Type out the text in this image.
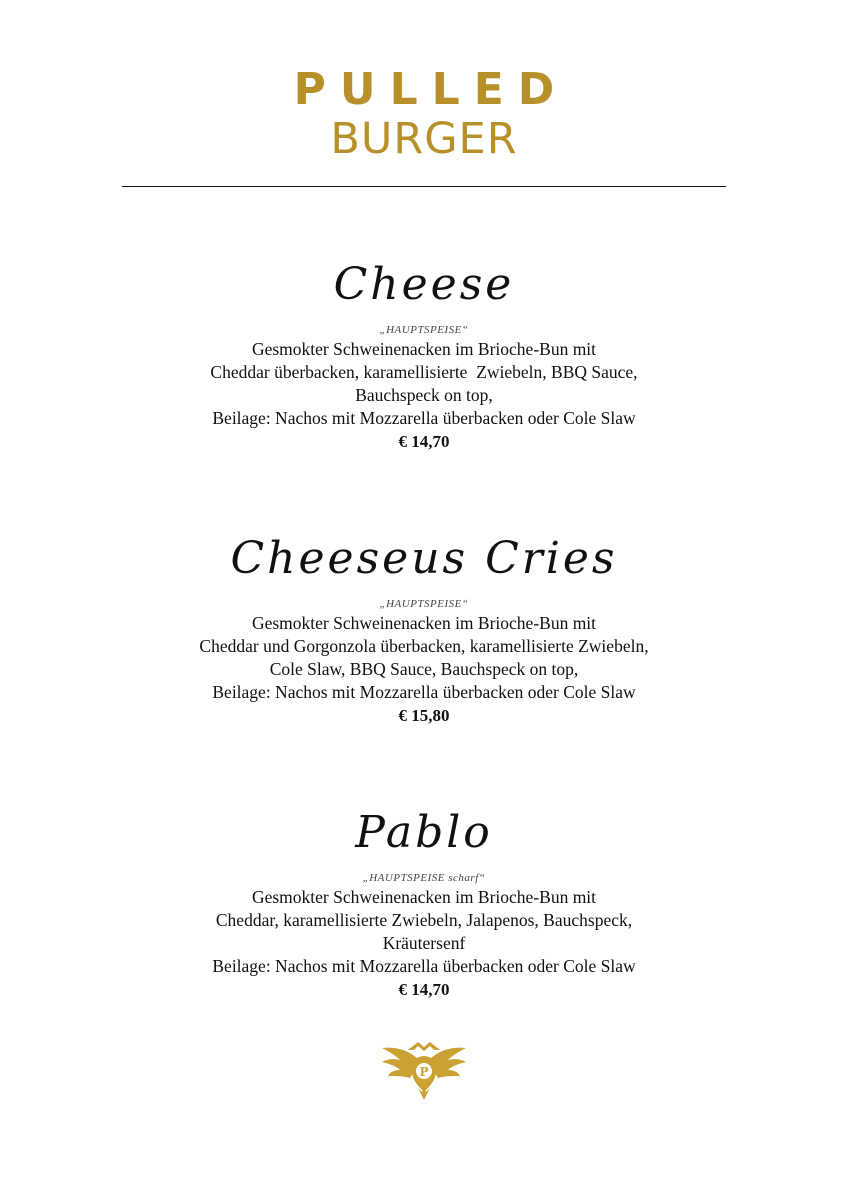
PULLED
BURGER
Cheese
„HAUPTSPEISE“
Gesmokter Schweinenacken im Brioche-Bun mit
Cheddar überbacken, karamellisierte  Zwiebeln, BBQ Sauce,
Bauchspeck on top,
Beilage: Nachos mit Mozzarella überbacken oder Cole Slaw
€ 14,70
Cheeseus Cries
„HAUPTSPEISE“
Gesmokter Schweinenacken im Brioche-Bun mit
Cheddar und Gorgonzola überbacken, karamellisierte Zwiebeln,
Cole Slaw, BBQ Sauce, Bauchspeck on top,
Beilage: Nachos mit Mozzarella überbacken oder Cole Slaw
€ 15,80
Pablo
„HAUPTSPEISE scharf“
Gesmokter Schweinenacken im Brioche-Bun mit
Cheddar, karamellisierte Zwiebeln, Jalapenos, Bauchspeck,
Kräutersenf
Beilage: Nachos mit Mozzarella überbacken oder Cole Slaw
€ 14,70
P
